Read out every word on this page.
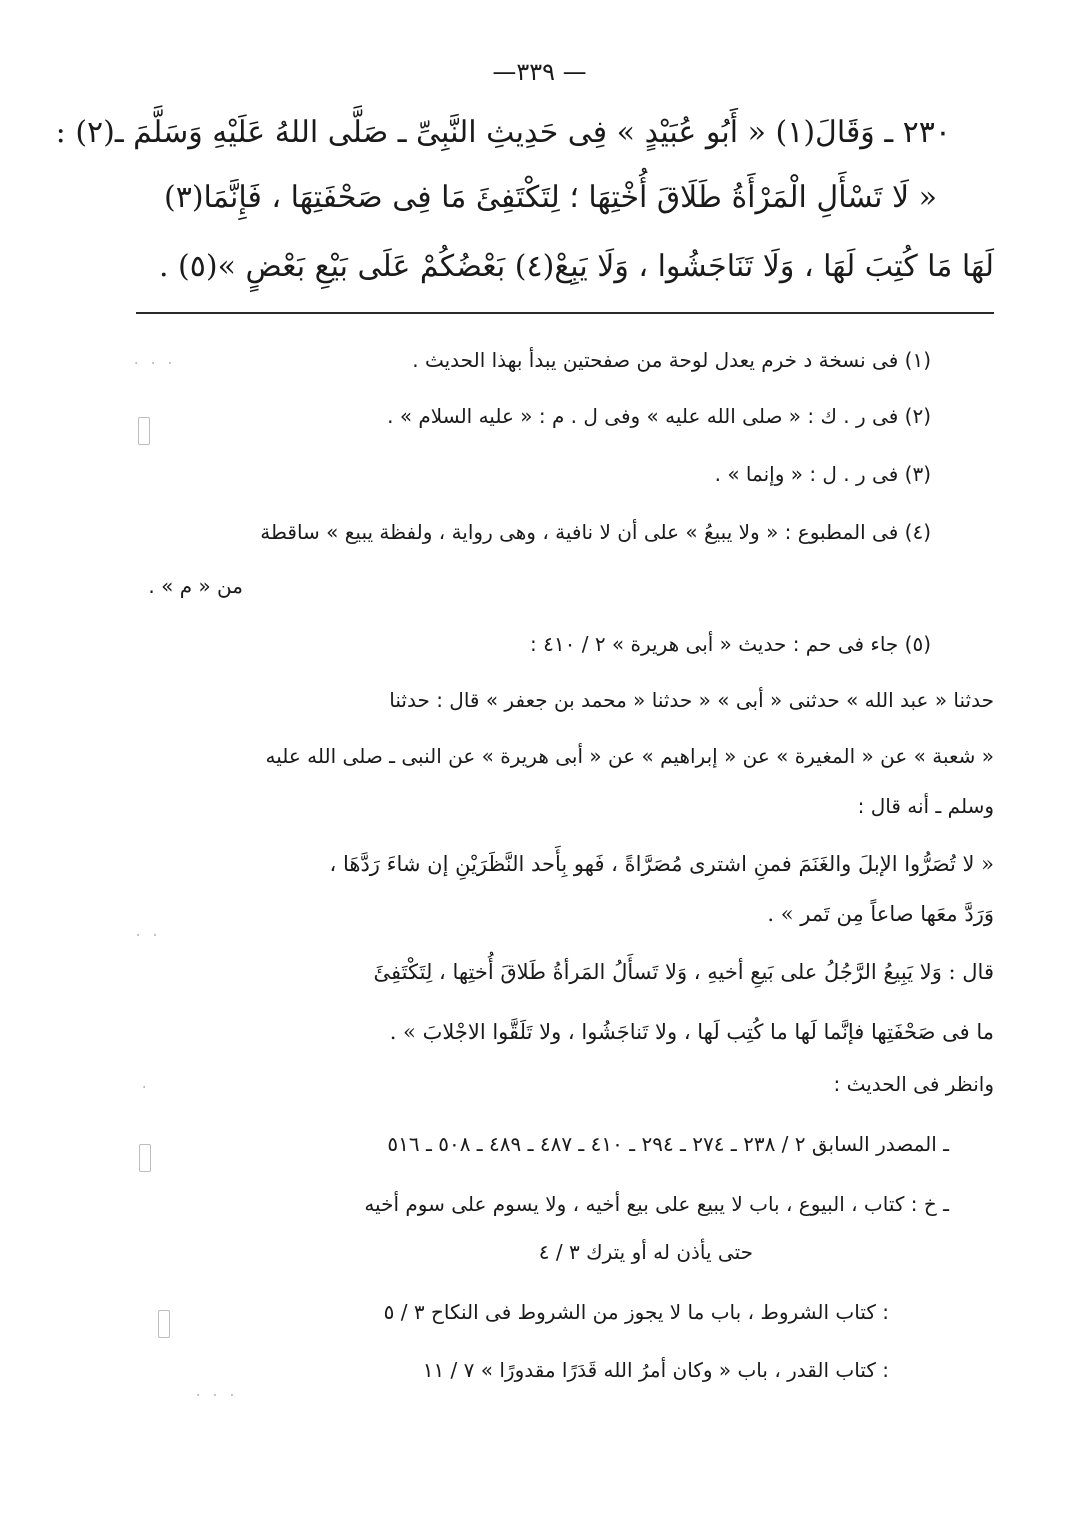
— ٣٣٩—
٢٣٠ ـ وَقَالَ(١) « أَبُو عُبَيْدٍ » فِى حَدِيثِ النَّبِىِّ ـ صَلَّى اللهُ عَلَيْهِ وَسَلَّمَ ـ(٢) :
« لَا تَسْأَلِ الْمَرْأَةُ طَلَاقَ أُخْتِهَا ؛ لِتَكْتَفِئَ مَا فِى صَحْفَتِهَا ، فَإِنَّمَا(٣)
لَهَا مَا كُتِبَ لَهَا ، وَلَا تَنَاجَشُوا ، وَلَا يَبِعْ(٤) بَعْضُكُمْ عَلَى بَيْعِ بَعْضٍ »(٥) .
(١) فى نسخة د خرم يعدل لوحة من صفحتين يبدأ بهذا الحديث .
(٢) فى ر . ك : « صلى الله عليه » وفى ل . م : « عليه السلام » .
(٣) فى ر . ل : « وإنما » .
(٤) فى المطبوع : « ولا يبيعُ » على أن لا نافية ، وهى رواية ، ولفظة يبيع » ساقطة
من « م » .
(٥) جاء فى حم : حديث « أبى هريرة » ٢ / ٤١٠ :
حدثنا « عبد الله » حدثنى « أبى » « حدثنا « محمد بن جعفر » قال : حدثنا
« شعبة » عن « المغيرة » عن « إبراهيم » عن « أبى هريرة » عن النبى ـ صلى الله عليه
وسلم ـ أنه قال :
« لا تُصَرُّوا الإبلَ والغَنَمَ فمنِ اشترى مُصَرَّاةً ، فَهو بِأَحد النَّظَرَيْنِ إن شاءَ رَدَّهَا ،
وَرَدَّ معَها صاعاً مِن تَمر » .
قال : وَلا يَبِيعُ الرَّجُلُ على بَيعِ أخيهِ ، وَلا تَسأَلُ المَرأةُ طَلاقَ أُختِها ، لِتَكْتَفِئَ
ما فى صَحْفَتِها فإنَّما لَها ما كُتِب لَها ، ولا تَناجَشُوا ، ولا تَلَقَّوا الاجْلابَ » .
وانظر فى الحديث :
ـ المصدر السابق ٢ / ٢٣٨ ـ ٢٧٤ ـ ٢٩٤ ـ ٤١٠ ـ ٤٨٧ ـ ٤٨٩ ـ ٥٠٨ ـ ٥١٦
ـ خ : كتاب ، البيوع ، باب لا يبيع على بيع أخيه ، ولا يسوم على سوم أخيه
حتى يأذن له أو يترك ٣ / ٤
: كتاب الشروط ، باب ما لا يجوز من الشروط فى النكاح ٣ / ٥
: كتاب القدر ، باب « وكان أمرُ الله قَدَرًا مقدورًا » ٧ / ١١
· · ·
· ·
·
· · ·
